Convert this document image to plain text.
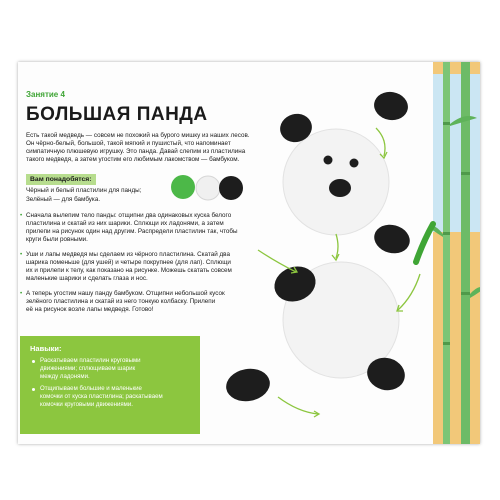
Занятие 4
БОЛЬШАЯ ПАНДА

Есть такой медведь — совсем не похожий на бурого мишку из наших лесов.

Он чёрно-белый, большой, такой мягкий и пушистый, что напоминает

симпатичную плюшевую игрушку. Это панда. Давай слепим из пластилина

такого медведя, а затем угостим его любимым лакомством — бамбуком.

Вам понадобятся:
Чёрный и белый пластилин для панды;
Зелёный — для бамбука.
• Сначала вылепим тело панды: отщипни два одинаковых куска белого

пластилина и скатай из них шарики. Сплющи их ладонями, а затем

прилепи на рисунок один над другим. Распредели пластилин так, чтобы

круги были ровными.

• Уши и лапы медведя мы сделаем из чёрного пластилина. Скатай два

шарика поменьше (для ушей) и четыре покрупнее (для лап). Сплющи

их и прилепи к телу, как показано на рисунке. Можешь скатать совсем

маленькие шарики и сделать глаза и нос.

• А теперь угостим нашу панду бамбуком. Отщипни небольшой кусок

зелёного пластилина и скатай из него тонкую колбаску. Прилепи

её на рисунок возле лапы медведя. Готово!

Навыки:

Раскатываем пластилин круговыми

движениями; сплющиваем шарик

между ладонями.

Отщипываем большие и маленькие

комочки от куска пластилина; раскатываем

комочки круговыми движениями.
